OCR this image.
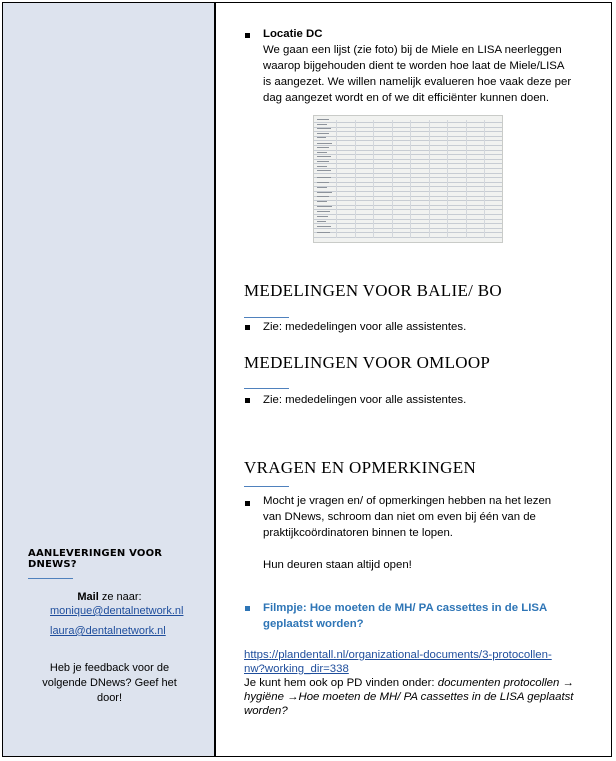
AANLEVERINGEN VOOR DNEWS?
Mail ze naar:
monique@dentalnetwork.nl
laura@dentalnetwork.nl
Heb je feedback voor de
volgende DNews? Geef het
door!
Locatie DC
We gaan een lijst (zie foto) bij de Miele en LISA neerleggen
waarop bijgehouden dient te worden hoe laat de Miele/LISA
is aangezet. We willen namelijk evalueren hoe vaak deze per
dag aangezet wordt en of we dit efficiënter kunnen doen.
MEDELINGEN VOOR BALIE/ BO
Zie: mededelingen voor alle assistentes.
MEDELINGEN VOOR OMLOOP
Zie: mededelingen voor alle assistentes.
VRAGEN EN OPMERKINGEN
Mocht je vragen en/ of opmerkingen hebben na het lezen
van DNews, schroom dan niet om even bij één van de
praktijkcoördinatoren binnen te lopen.
Hun deuren staan altijd open!
Filmpje: Hoe moeten de MH/ PA cassettes in de LISA
geplaatst worden?
https://plandentall.nl/organizational-documents/3-protocollen-
nw?working_dir=338
Je kunt hem ook op PD vinden onder: documenten protocollen →
hygiëne →Hoe moeten de MH/ PA cassettes in de LISA geplaatst
worden?
